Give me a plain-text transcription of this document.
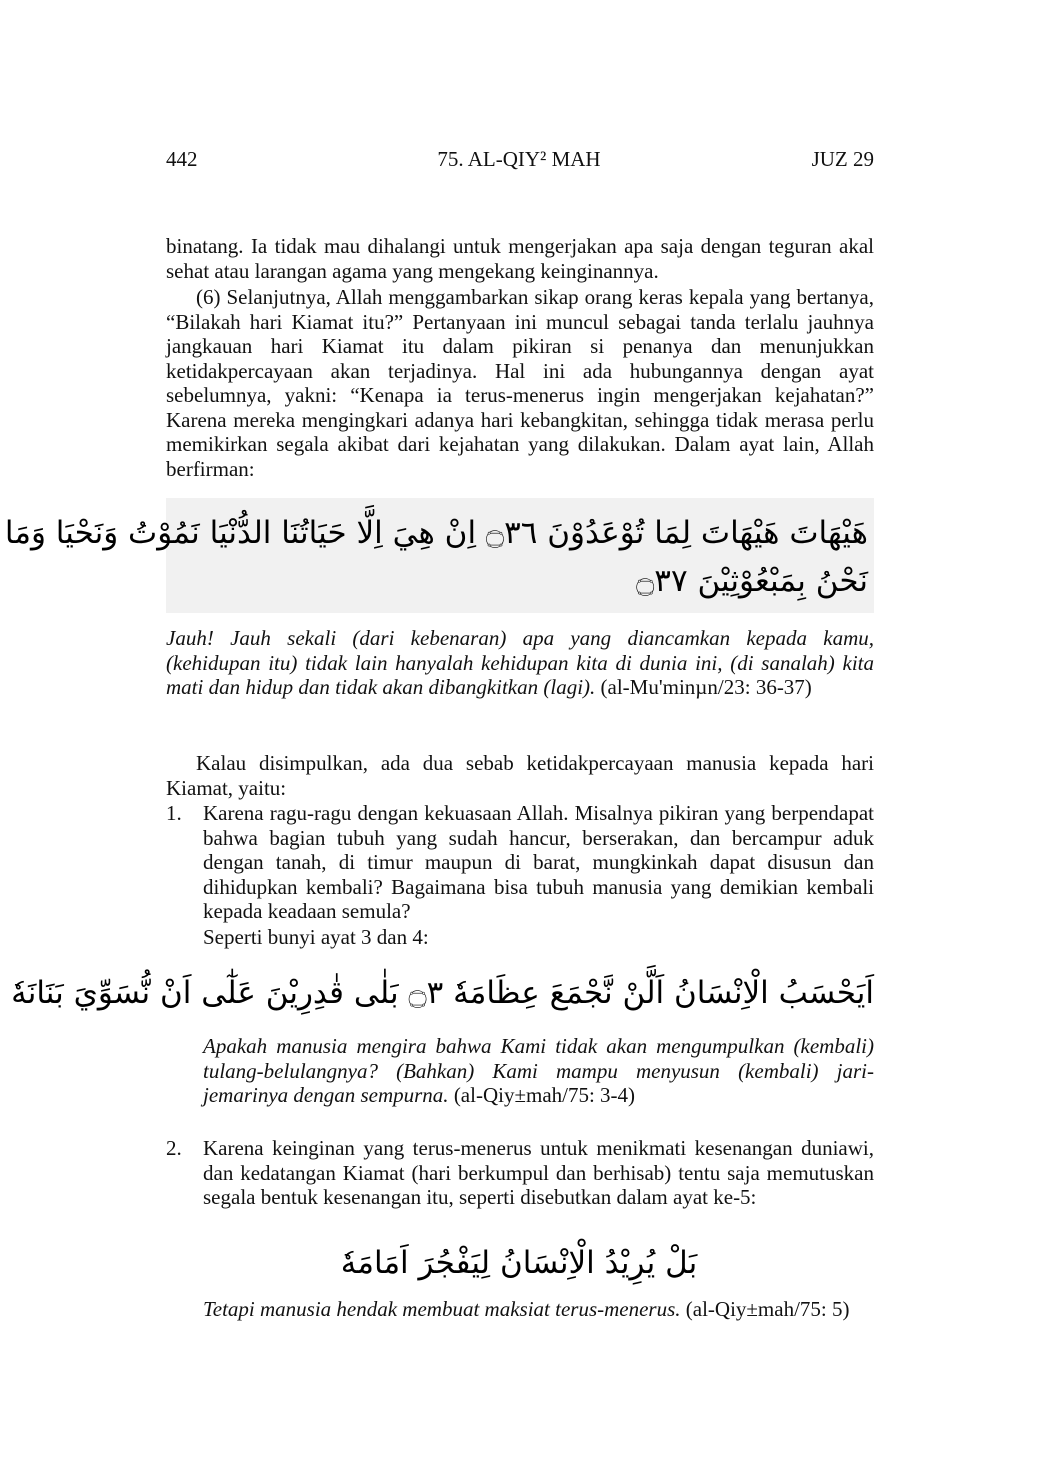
442	75. AL-QIY² MAH	JUZ 29
binatang. Ia tidak mau dihalangi untuk mengerjakan apa saja dengan teguran akal sehat atau larangan agama yang mengekang keinginannya.
(6) Selanjutnya, Allah menggambarkan sikap orang keras kepala yang bertanya, “Bilakah hari Kiamat itu?” Pertanyaan ini muncul sebagai tanda terlalu jauhnya jangkauan hari Kiamat itu dalam pikiran si penanya dan menunjukkan ketidakpercayaan akan terjadinya. Hal ini ada hubungannya dengan ayat sebelumnya, yakni: “Kenapa ia terus-menerus ingin mengerjakan kejahatan?” Karena mereka mengingkari adanya hari kebangkitan, sehingga tidak merasa perlu memikirkan segala akibat dari kejahatan yang dilakukan. Dalam ayat lain, Allah berfirman:
هَيْهَاتَ هَيْهَاتَ لِمَا تُوْعَدُوْنَ ۝٣٦ اِنْ هِيَ اِلَّا حَيَاتُنَا الدُّنْيَا نَمُوْتُ وَنَحْيَا وَمَا
نَحْنُ بِمَبْعُوْثِيْنَ ۝٣٧
Jauh! Jauh sekali (dari kebenaran) apa yang diancamkan kepada kamu, (kehidupan itu) tidak lain hanyalah kehidupan kita di dunia ini, (di sanalah) kita mati dan hidup dan tidak akan dibangkitkan (lagi). (al-Mu'minµn/23: 36-37)
Kalau disimpulkan, ada dua sebab ketidakpercayaan manusia kepada hari Kiamat, yaitu:
1. Karena ragu-ragu dengan kekuasaan Allah. Misalnya pikiran yang berpendapat bahwa bagian tubuh yang sudah hancur, berserakan, dan bercampur aduk dengan tanah, di timur maupun di barat, mungkinkah dapat disusun dan dihidupkan kembali? Bagaimana bisa tubuh manusia yang demikian kembali kepada keadaan semula?
Seperti bunyi ayat 3 dan 4:
اَيَحْسَبُ الْاِنْسَانُ اَلَّنْ نَّجْمَعَ عِظَامَهٗ ۝٣ بَلٰى قٰدِرِيْنَ عَلٰٓى اَنْ نُّسَوِّيَ بَنَانَهٗ
Apakah manusia mengira bahwa Kami tidak akan mengumpulkan (kembali) tulang-belulangnya? (Bahkan) Kami mampu menyusun (kembali) jari-jemarinya dengan sempurna. (al-Qiy±mah/75: 3-4)
2. Karena keinginan yang terus-menerus untuk menikmati kesenangan duniawi, dan kedatangan Kiamat (hari berkumpul dan berhisab) tentu saja memutuskan segala bentuk kesenangan itu, seperti disebutkan dalam ayat ke-5:
بَلْ يُرِيْدُ الْاِنْسَانُ لِيَفْجُرَ اَمَامَهٗ
Tetapi manusia hendak membuat maksiat terus-menerus. (al-Qiy±mah/75: 5)
